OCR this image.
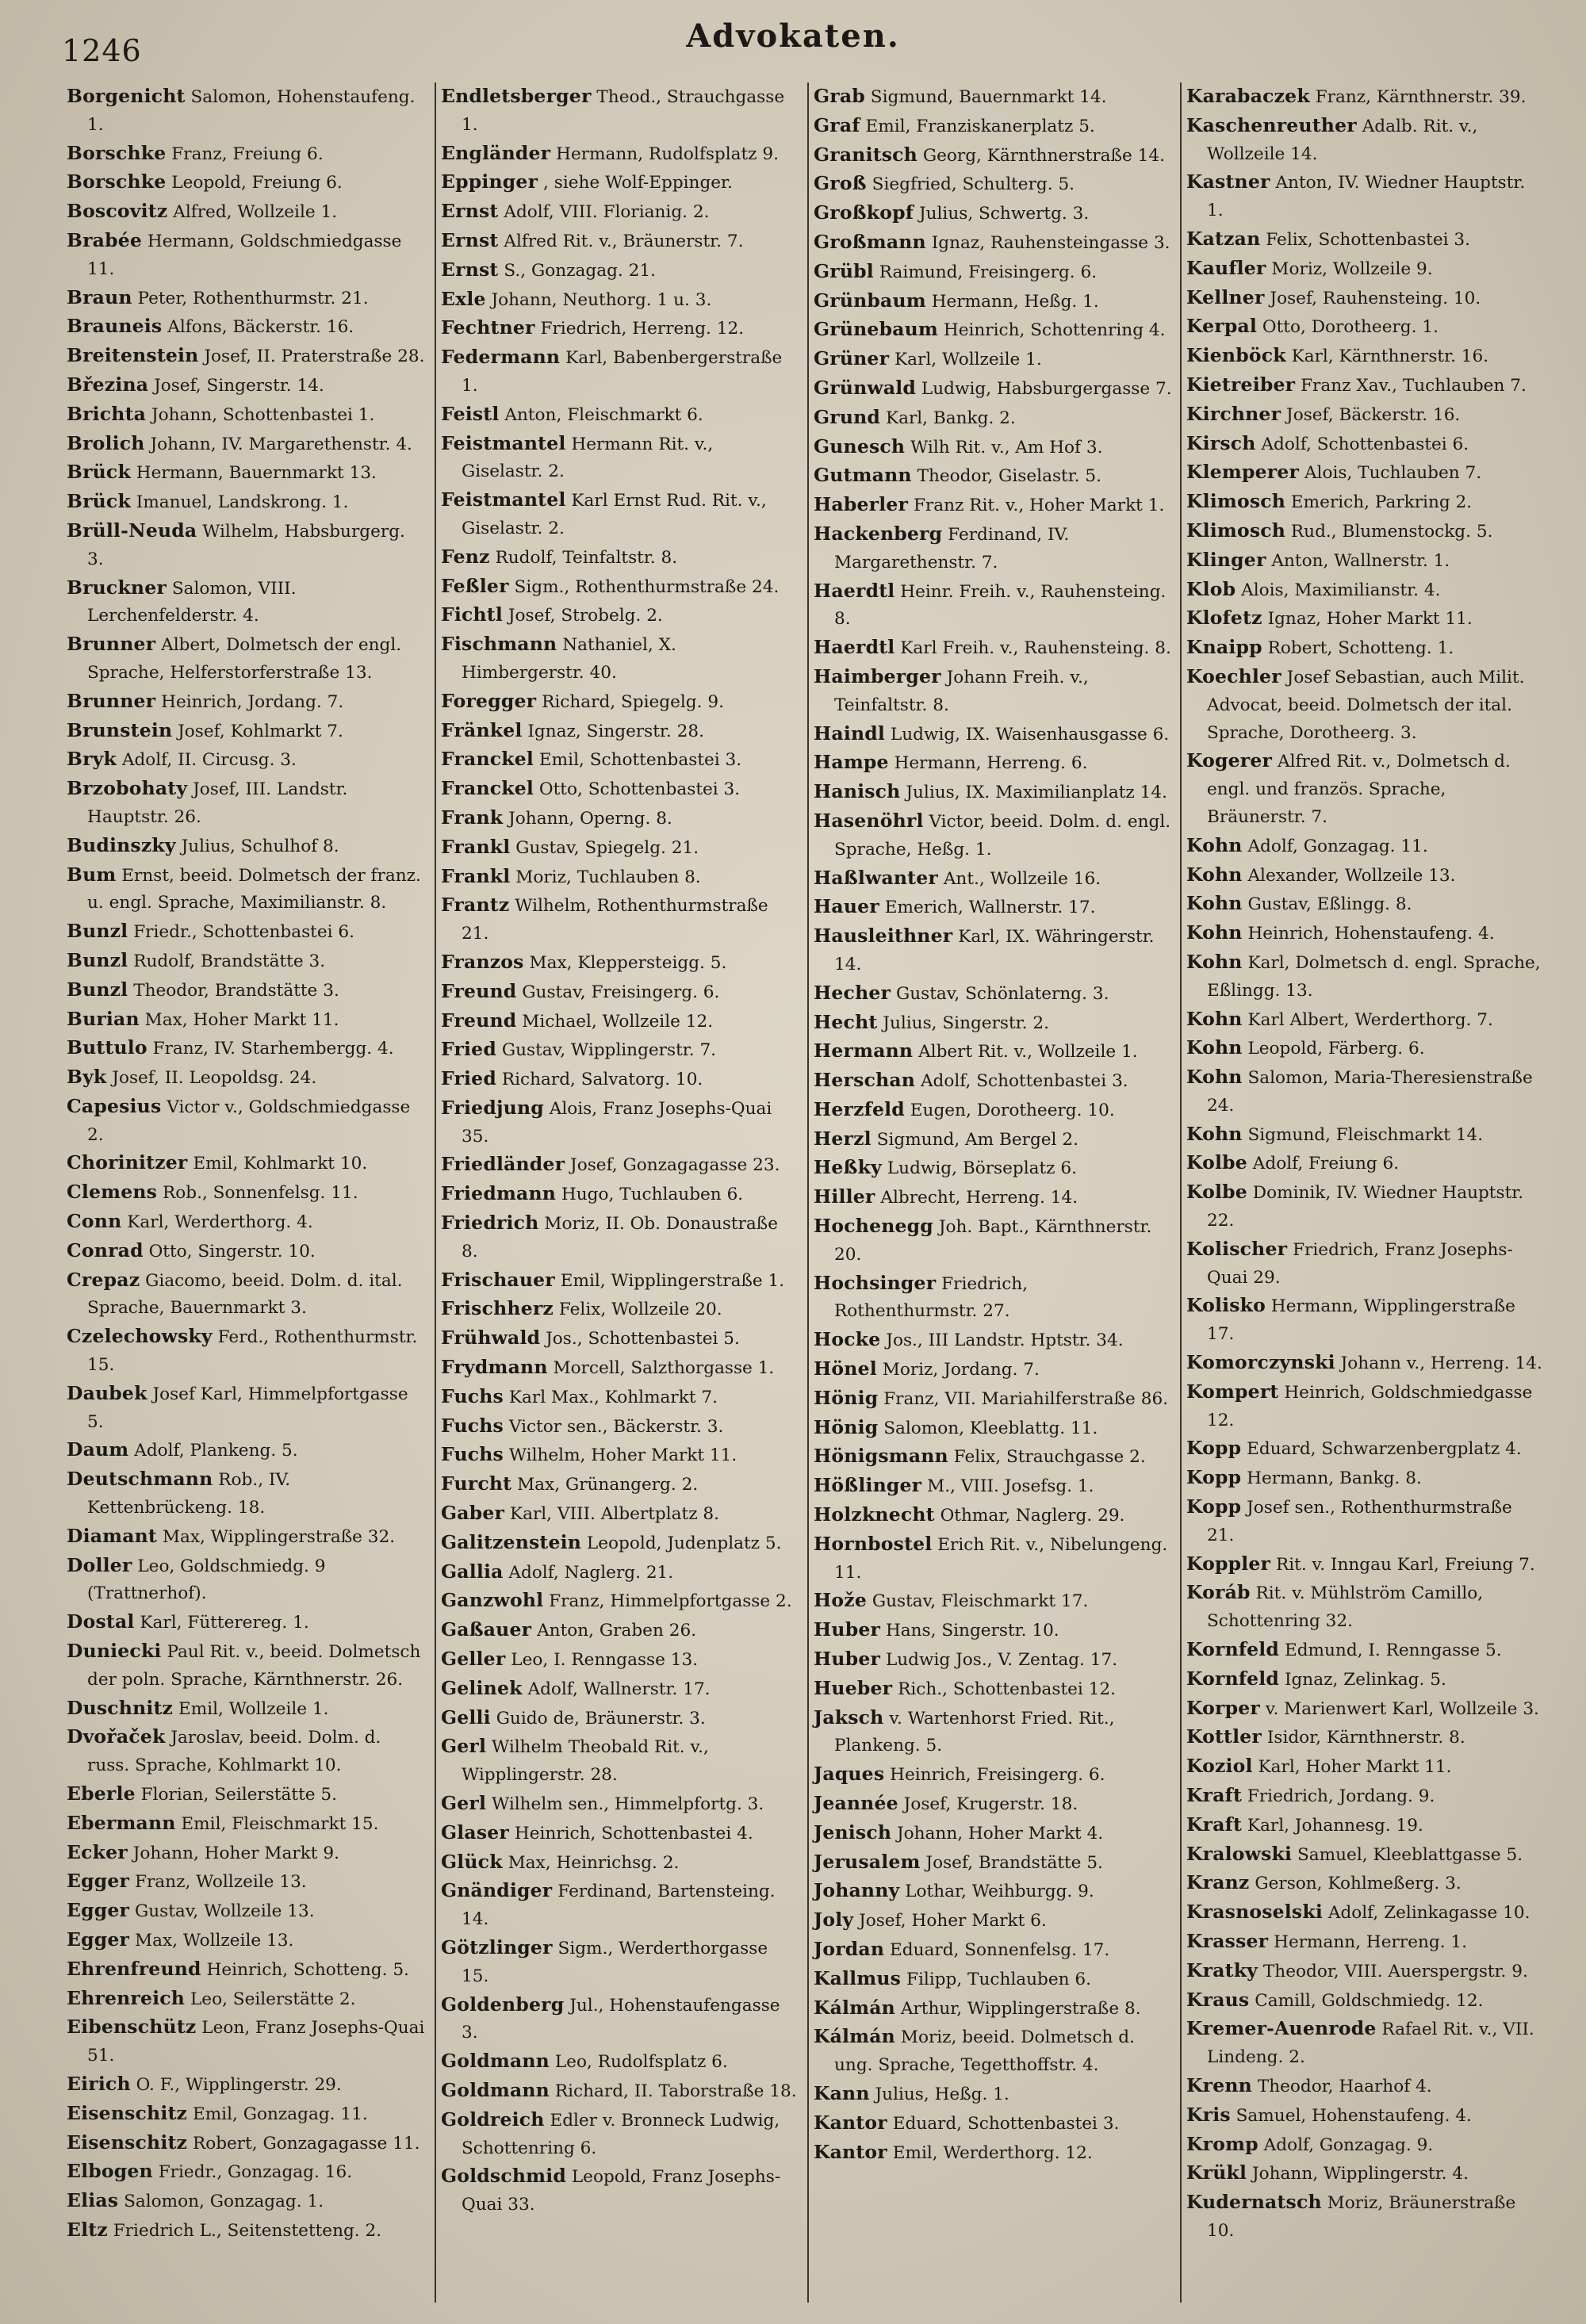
1246	Advokaten.

Borgenicht Salomon, Hohenstaufeng. 1.

Borschke Franz, Freiung 6.

Borschke Leopold, Freiung 6.

Boscovitz Alfred, Wollzeile 1.

Brabée Hermann, Goldschmiedgasse 11.

Braun Peter, Rothenthurmstr. 21.

Brauneis Alfons, Bäckerstr. 16.

Breitenstein Josef, II. Praterstraße 28.

Březina Josef, Singerstr. 14.

Brichta Johann, Schottenbastei 1.

Brolich Johann, IV. Margarethenstr. 4.

Brück Hermann, Bauernmarkt 13.

Brück Imanuel, Landskrong. 1.

Brüll-Neuda Wilhelm, Habsburgerg. 3.

Bruckner Salomon, VIII. Lerchenfelderstr. 4.

Brunner Albert, Dolmetsch der engl. Sprache, Helferstorferstraße 13.

Brunner Heinrich, Jordang. 7.

Brunstein Josef, Kohlmarkt 7.

Bryk Adolf, II. Circusg. 3.

Brzobohaty Josef, III. Landstr. Hauptstr. 26.

Budinszky Julius, Schulhof 8.

Bum Ernst, beeid. Dolmetsch der franz. u. engl. Sprache, Maximilianstr. 8.

Bunzl Friedr., Schottenbastei 6.

Bunzl Rudolf, Brandstätte 3.

Bunzl Theodor, Brandstätte 3.

Burian Max, Hoher Markt 11.

Buttulo Franz, IV. Starhembergg. 4.

Byk Josef, II. Leopoldsg. 24.

Capesius Victor v., Goldschmiedgasse 2.

Chorinitzer Emil, Kohlmarkt 10.

Clemens Rob., Sonnenfelsg. 11.

Conn Karl, Werderthorg. 4.

Conrad Otto, Singerstr. 10.

Crepaz Giacomo, beeid. Dolm. d. ital. Sprache, Bauernmarkt 3.

Czelechowsky Ferd., Rothenthurmstr. 15.

Daubek Josef Karl, Himmelpfortgasse 5.

Daum Adolf, Plankeng. 5.

Deutschmann Rob., IV. Kettenbrückeng. 18.

Diamant Max, Wipplingerstraße 32.

Doller Leo, Goldschmiedg. 9 (Trattnerhof).

Dostal Karl, Fütterereg. 1.

Duniecki Paul Rit. v., beeid. Dolmetsch der poln. Sprache, Kärnthnerstr. 26.

Duschnitz Emil, Wollzeile 1.

Dvořaček Jaroslav, beeid. Dolm. d. russ. Sprache, Kohlmarkt 10.

Eberle Florian, Seilerstätte 5.

Ebermann Emil, Fleischmarkt 15.

Ecker Johann, Hoher Markt 9.

Egger Franz, Wollzeile 13.

Egger Gustav, Wollzeile 13.

Egger Max, Wollzeile 13.

Ehrenfreund Heinrich, Schotteng. 5.

Ehrenreich Leo, Seilerstätte 2.

Eibenschütz Leon, Franz Josephs-Quai 51.

Eirich O. F., Wipplingerstr. 29.

Eisenschitz Emil, Gonzagag. 11.

Eisenschitz Robert, Gonzagagasse 11.

Elbogen Friedr., Gonzagag. 16.

Elias Salomon, Gonzagag. 1.

Eltz Friedrich L., Seitenstetteng. 2.

Endletsberger Theod., Strauchgasse 1.

Engländer Hermann, Rudolfsplatz 9.

Eppinger , siehe Wolf-Eppinger.

Ernst Adolf, VIII. Florianig. 2.

Ernst Alfred Rit. v., Bräunerstr. 7.

Ernst S., Gonzagag. 21.

Exle Johann, Neuthorg. 1 u. 3.

Fechtner Friedrich, Herreng. 12.

Federmann Karl, Babenbergerstraße 1.

Feistl Anton, Fleischmarkt 6.

Feistmantel Hermann Rit. v., Giselastr. 2.

Feistmantel Karl Ernst Rud. Rit. v., Giselastr. 2.

Fenz Rudolf, Teinfaltstr. 8.

Feßler Sigm., Rothenthurmstraße 24.

Fichtl Josef, Strobelg. 2.

Fischmann Nathaniel, X. Himbergerstr. 40.

Foregger Richard, Spiegelg. 9.

Fränkel Ignaz, Singerstr. 28.

Franckel Emil, Schottenbastei 3.

Franckel Otto, Schottenbastei 3.

Frank Johann, Operng. 8.

Frankl Gustav, Spiegelg. 21.

Frankl Moriz, Tuchlauben 8.

Frantz Wilhelm, Rothenthurmstraße 21.

Franzos Max, Kleppersteigg. 5.

Freund Gustav, Freisingerg. 6.

Freund Michael, Wollzeile 12.

Fried Gustav, Wipplingerstr. 7.

Fried Richard, Salvatorg. 10.

Friedjung Alois, Franz Josephs-Quai 35.

Friedländer Josef, Gonzagagasse 23.

Friedmann Hugo, Tuchlauben 6.

Friedrich Moriz, II. Ob. Donaustraße 8.

Frischauer Emil, Wipplingerstraße 1.

Frischherz Felix, Wollzeile 20.

Frühwald Jos., Schottenbastei 5.

Frydmann Morcell, Salzthorgasse 1.

Fuchs Karl Max., Kohlmarkt 7.

Fuchs Victor sen., Bäckerstr. 3.

Fuchs Wilhelm, Hoher Markt 11.

Furcht Max, Grünangerg. 2.

Gaber Karl, VIII. Albertplatz 8.

Galitzenstein Leopold, Judenplatz 5.

Gallia Adolf, Naglerg. 21.

Ganzwohl Franz, Himmelpfortgasse 2.

Gaßauer Anton, Graben 26.

Geller Leo, I. Renngasse 13.

Gelinek Adolf, Wallnerstr. 17.

Gelli Guido de, Bräunerstr. 3.

Gerl Wilhelm Theobald Rit. v., Wipplingerstr. 28.

Gerl Wilhelm sen., Himmelpfortg. 3.

Glaser Heinrich, Schottenbastei 4.

Glück Max, Heinrichsg. 2.

Gnändiger Ferdinand, Bartensteing. 14.

Götzlinger Sigm., Werderthorgasse 15.

Goldenberg Jul., Hohenstaufengasse 3.

Goldmann Leo, Rudolfsplatz 6.

Goldmann Richard, II. Taborstraße 18.

Goldreich Edler v. Bronneck Ludwig, Schottenring 6.

Goldschmid Leopold, Franz Josephs-Quai 33.

Grab Sigmund, Bauernmarkt 14.

Graf Emil, Franziskanerplatz 5.

Granitsch Georg, Kärnthnerstraße 14.

Groß Siegfried, Schulterg. 5.

Großkopf Julius, Schwertg. 3.

Großmann Ignaz, Rauhensteingasse 3.

Grübl Raimund, Freisingerg. 6.

Grünbaum Hermann, Heßg. 1.

Grünebaum Heinrich, Schottenring 4.

Grüner Karl, Wollzeile 1.

Grünwald Ludwig, Habsburgergasse 7.

Grund Karl, Bankg. 2.

Gunesch Wilh Rit. v., Am Hof 3.

Gutmann Theodor, Giselastr. 5.

Haberler Franz Rit. v., Hoher Markt 1.

Hackenberg Ferdinand, IV. Margarethenstr. 7.

Haerdtl Heinr. Freih. v., Rauhensteing. 8.

Haerdtl Karl Freih. v., Rauhensteing. 8.

Haimberger Johann Freih. v., Teinfaltstr. 8.

Haindl Ludwig, IX. Waisenhausgasse 6.

Hampe Hermann, Herreng. 6.

Hanisch Julius, IX. Maximilianplatz 14.

Hasenöhrl Victor, beeid. Dolm. d. engl. Sprache, Heßg. 1.

Haßlwanter Ant., Wollzeile 16.

Hauer Emerich, Wallnerstr. 17.

Hausleithner Karl, IX. Währingerstr. 14.

Hecher Gustav, Schönlaterng. 3.

Hecht Julius, Singerstr. 2.

Hermann Albert Rit. v., Wollzeile 1.

Herschan Adolf, Schottenbastei 3.

Herzfeld Eugen, Dorotheerg. 10.

Herzl Sigmund, Am Bergel 2.

Heßky Ludwig, Börseplatz 6.

Hiller Albrecht, Herreng. 14.

Hochenegg Joh. Bapt., Kärnthnerstr. 20.

Hochsinger Friedrich, Rothenthurmstr. 27.

Hocke Jos., III Landstr. Hptstr. 34.

Hönel Moriz, Jordang. 7.

Hönig Franz, VII. Mariahilferstraße 86.

Hönig Salomon, Kleeblattg. 11.

Hönigsmann Felix, Strauchgasse 2.

Hößlinger M., VIII. Josefsg. 1.

Holzknecht Othmar, Naglerg. 29.

Hornbostel Erich Rit. v., Nibelungeng. 11.

Hože Gustav, Fleischmarkt 17.

Huber Hans, Singerstr. 10.

Huber Ludwig Jos., V. Zentag. 17.

Hueber Rich., Schottenbastei 12.

Jaksch v. Wartenhorst Fried. Rit., Plankeng. 5.

Jaques Heinrich, Freisingerg. 6.

Jeannée Josef, Krugerstr. 18.

Jenisch Johann, Hoher Markt 4.

Jerusalem Josef, Brandstätte 5.

Johanny Lothar, Weihburgg. 9.

Joly Josef, Hoher Markt 6.

Jordan Eduard, Sonnenfelsg. 17.

Kallmus Filipp, Tuchlauben 6.

Kálmán Arthur, Wipplingerstraße 8.

Kálmán Moriz, beeid. Dolmetsch d. ung. Sprache, Tegetthoffstr. 4.

Kann Julius, Heßg. 1.

Kantor Eduard, Schottenbastei 3.

Kantor Emil, Werderthorg. 12.

Karabaczek Franz, Kärnthnerstr. 39.

Kaschenreuther Adalb. Rit. v., Wollzeile 14.

Kastner Anton, IV. Wiedner Hauptstr. 1.

Katzan Felix, Schottenbastei 3.

Kaufler Moriz, Wollzeile 9.

Kellner Josef, Rauhensteing. 10.

Kerpal Otto, Dorotheerg. 1.

Kienböck Karl, Kärnthnerstr. 16.

Kietreiber Franz Xav., Tuchlauben 7.

Kirchner Josef, Bäckerstr. 16.

Kirsch Adolf, Schottenbastei 6.

Klemperer Alois, Tuchlauben 7.

Klimosch Emerich, Parkring 2.

Klimosch Rud., Blumenstockg. 5.

Klinger Anton, Wallnerstr. 1.

Klob Alois, Maximilianstr. 4.

Klofetz Ignaz, Hoher Markt 11.

Knaipp Robert, Schotteng. 1.

Koechler Josef Sebastian, auch Milit. Advocat, beeid. Dolmetsch der ital. Sprache, Dorotheerg. 3.

Kogerer Alfred Rit. v., Dolmetsch d. engl. und französ. Sprache, Bräunerstr. 7.

Kohn Adolf, Gonzagag. 11.

Kohn Alexander, Wollzeile 13.

Kohn Gustav, Eßlingg. 8.

Kohn Heinrich, Hohenstaufeng. 4.

Kohn Karl, Dolmetsch d. engl. Sprache, Eßlingg. 13.

Kohn Karl Albert, Werderthorg. 7.

Kohn Leopold, Färberg. 6.

Kohn Salomon, Maria-Theresienstraße 24.

Kohn Sigmund, Fleischmarkt 14.

Kolbe Adolf, Freiung 6.

Kolbe Dominik, IV. Wiedner Hauptstr. 22.

Kolischer Friedrich, Franz Josephs-Quai 29.

Kolisko Hermann, Wipplingerstraße 17.

Komorczynski Johann v., Herreng. 14.

Kompert Heinrich, Goldschmiedgasse 12.

Kopp Eduard, Schwarzenbergplatz 4.

Kopp Hermann, Bankg. 8.

Kopp Josef sen., Rothenthurmstraße 21.

Koppler Rit. v. Inngau Karl, Freiung 7.

Koráb Rit. v. Mühlström Camillo, Schottenring 32.

Kornfeld Edmund, I. Renngasse 5.

Kornfeld Ignaz, Zelinkag. 5.

Korper v. Marienwert Karl, Wollzeile 3.

Kottler Isidor, Kärnthnerstr. 8.

Koziol Karl, Hoher Markt 11.

Kraft Friedrich, Jordang. 9.

Kraft Karl, Johannesg. 19.

Kralowski Samuel, Kleeblattgasse 5.

Kranz Gerson, Kohlmeßerg. 3.

Krasnoselski Adolf, Zelinkagasse 10.

Krasser Hermann, Herreng. 1.

Kratky Theodor, VIII. Auerspergstr. 9.

Kraus Camill, Goldschmiedg. 12.

Kremer-Auenrode Rafael Rit. v., VII. Lindeng. 2.

Krenn Theodor, Haarhof 4.

Kris Samuel, Hohenstaufeng. 4.

Kromp Adolf, Gonzagag. 9.

Krükl Johann, Wipplingerstr. 4.

Kudernatsch Moriz, Bräunerstraße 10.
